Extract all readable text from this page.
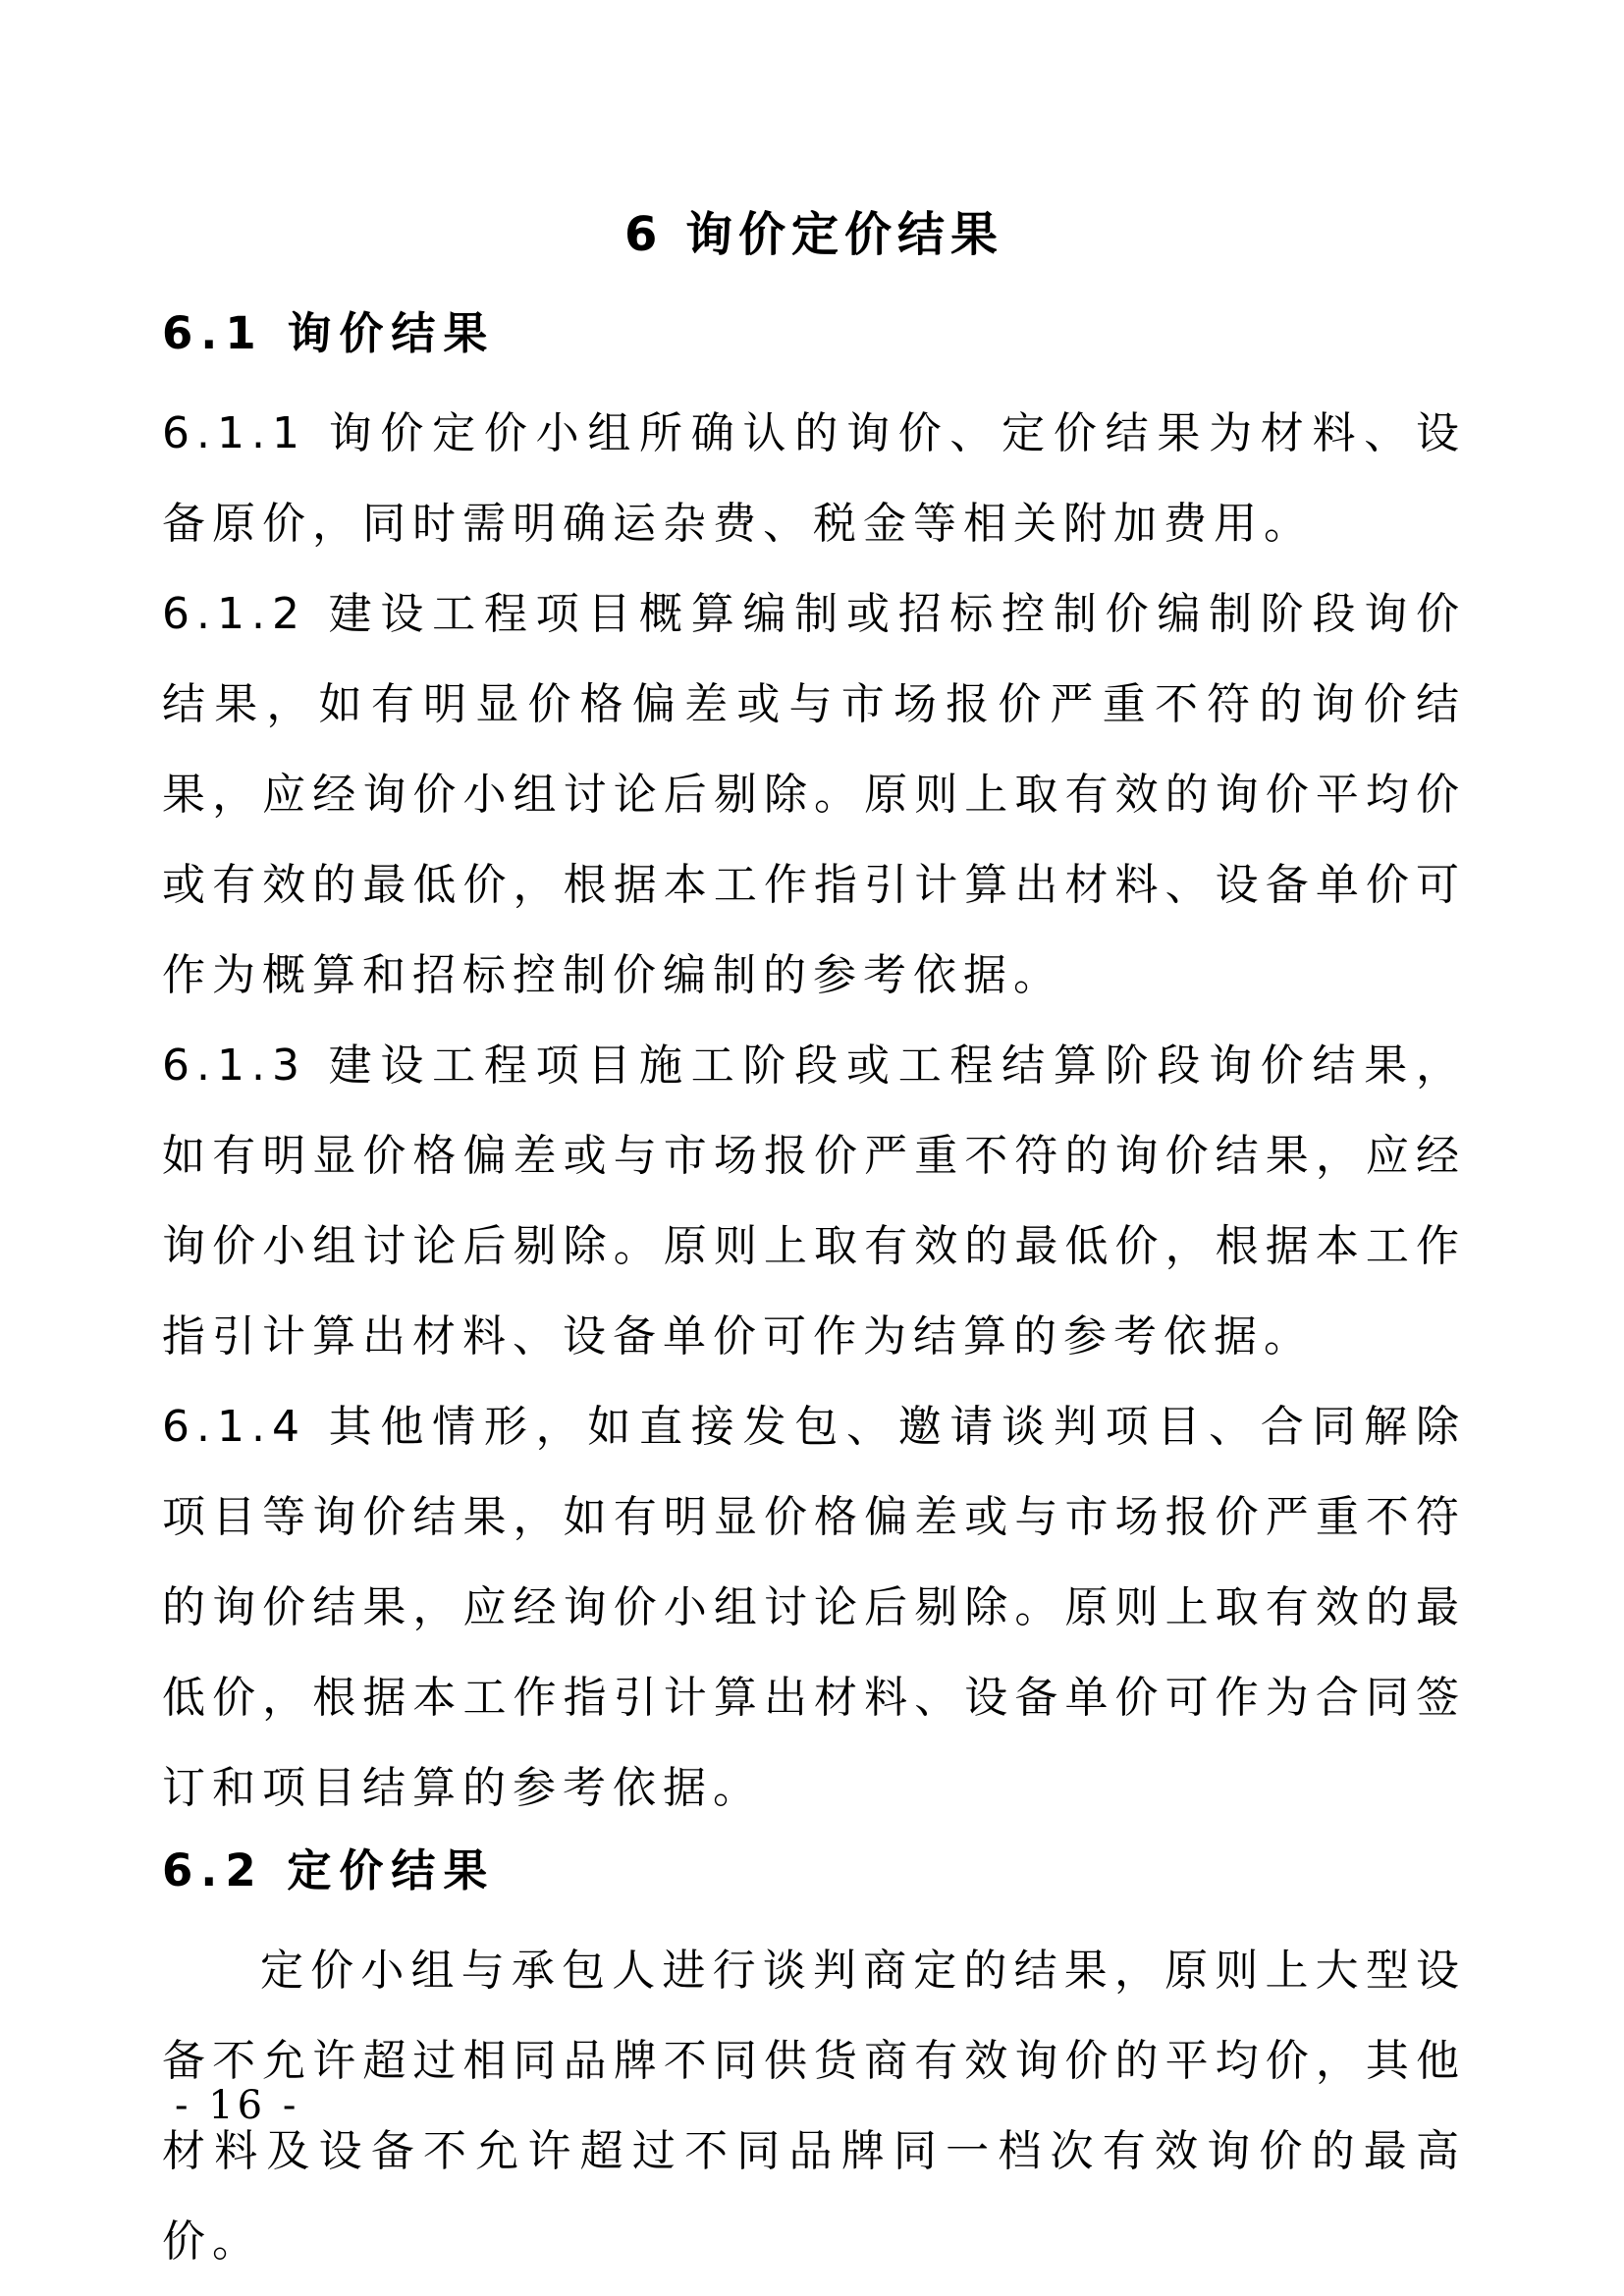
6 询价定价结果
6.1 询价结果

6.1.1 询价定价小组所确认的询价、定价结果为材料、设备原价，同时需明确运杂费、税金等相关附加费用。

6.1.2 建设工程项目概算编制或招标控制价编制阶段询价结果，如有明显价格偏差或与市场报价严重不符的询价结果，应经询价小组讨论后剔除。原则上取有效的询价平均价或有效的最低价，根据本工作指引计算出材料、设备单价可作为概算和招标控制价编制的参考依据。

6.1.3 建设工程项目施工阶段或工程结算阶段询价结果，如有明显价格偏差或与市场报价严重不符的询价结果，应经询价小组讨论后剔除。原则上取有效的最低价，根据本工作指引计算出材料、设备单价可作为结算的参考依据。

6.1.4 其他情形，如直接发包、邀请谈判项目、合同解除项目等询价结果，如有明显价格偏差或与市场报价严重不符的询价结果，应经询价小组讨论后剔除。原则上取有效的最低价，根据本工作指引计算出材料、设备单价可作为合同签订和项目结算的参考依据。

6.2 定价结果

定价小组与承包人进行谈判商定的结果，原则上大型设备不允许超过相同品牌不同供货商有效询价的平均价，其他材料及设备不允许超过不同品牌同一档次有效询价的最高价。

- 16 -
